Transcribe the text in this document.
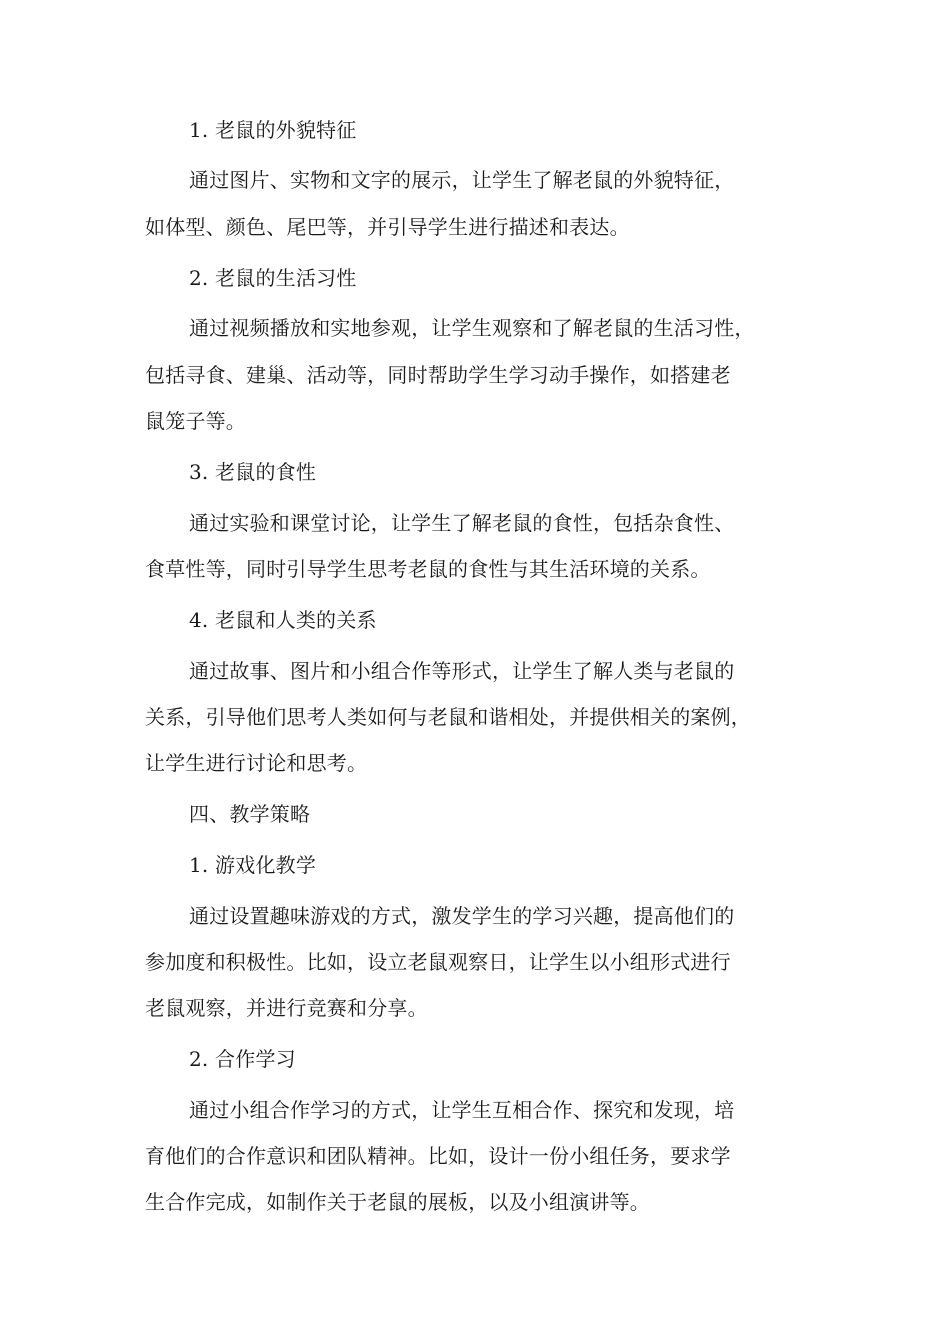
1. 老鼠的外貌特征
通过图片、实物和文字的展示，让学生了解老鼠的外貌特征，
如体型、颜色、尾巴等，并引导学生进行描述和表达。
2. 老鼠的生活习性
通过视频播放和实地参观，让学生观察和了解老鼠的生活习性，
包括寻食、建巢、活动等，同时帮助学生学习动手操作，如搭建老
鼠笼子等。
3. 老鼠的食性
通过实验和课堂讨论，让学生了解老鼠的食性，包括杂食性、
食草性等，同时引导学生思考老鼠的食性与其生活环境的关系。
4. 老鼠和人类的关系
通过故事、图片和小组合作等形式，让学生了解人类与老鼠的
关系，引导他们思考人类如何与老鼠和谐相处，并提供相关的案例，
让学生进行讨论和思考。
四、教学策略
1. 游戏化教学
通过设置趣味游戏的方式，激发学生的学习兴趣，提高他们的
参加度和积极性。比如，设立老鼠观察日，让学生以小组形式进行
老鼠观察，并进行竞赛和分享。
2. 合作学习
通过小组合作学习的方式，让学生互相合作、探究和发现，培
育他们的合作意识和团队精神。比如，设计一份小组任务，要求学
生合作完成，如制作关于老鼠的展板，以及小组演讲等。
